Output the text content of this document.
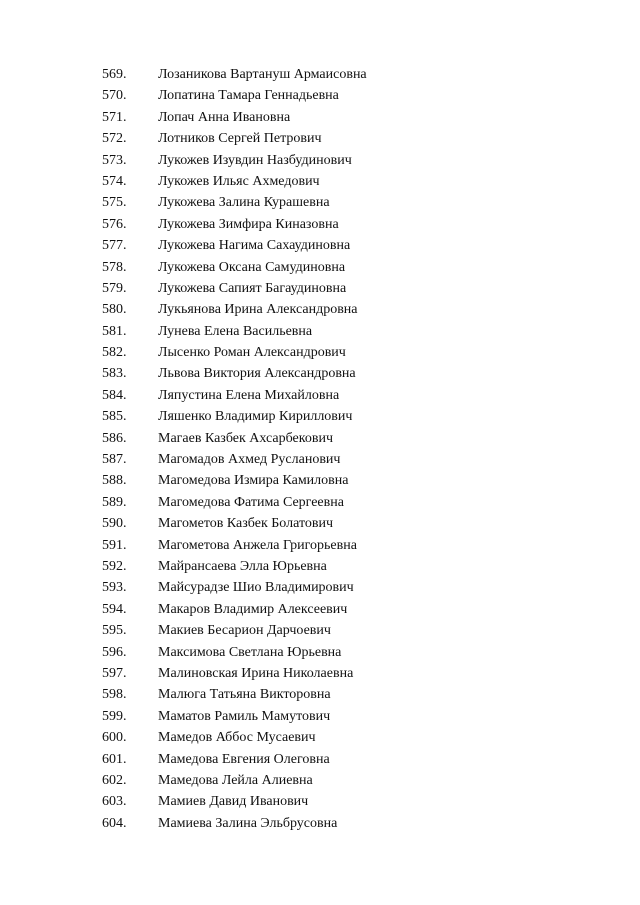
569.	Лозаникова Вартануш Армаисовна
570.	Лопатина Тамара Геннадьевна
571.	Лопач Анна Ивановна
572.	Лотников Сергей Петрович
573.	Лукожев Изувдин Назбудинович
574.	Лукожев Ильяс Ахмедович
575.	Лукожева Залина Курашевна
576.	Лукожева Зимфира Киназовна
577.	Лукожева Нагима Сахаудиновна
578.	Лукожева Оксана Самудиновна
579.	Лукожева Сапият Багаудиновна
580.	Лукьянова Ирина Александровна
581.	Лунева Елена Васильевна
582.	Лысенко Роман Александрович
583.	Львова Виктория Александровна
584.	Ляпустина Елена Михайловна
585.	Ляшенко Владимир Кириллович
586.	Магаев Казбек Ахсарбекович
587.	Магомадов Ахмед Русланович
588.	Магомедова Измира Камиловна
589.	Магомедова Фатима Сергеевна
590.	Магометов Казбек Болатович
591.	Магометова Анжела Григорьевна
592.	Майрансаева Элла Юрьевна
593.	Майсурадзе Шио Владимирович
594.	Макаров Владимир Алексеевич
595.	Макиев Бесарион Дарчоевич
596.	Максимова Светлана Юрьевна
597.	Малиновская Ирина Николаевна
598.	Малюга Татьяна Викторовна
599.	Маматов Рамиль Мамутович
600.	Мамедов Аббос Мусаевич
601.	Мамедова Евгения Олеговна
602.	Мамедова Лейла Алиевна
603.	Мамиев Давид Иванович
604.	Мамиева Залина Эльбрусовна
